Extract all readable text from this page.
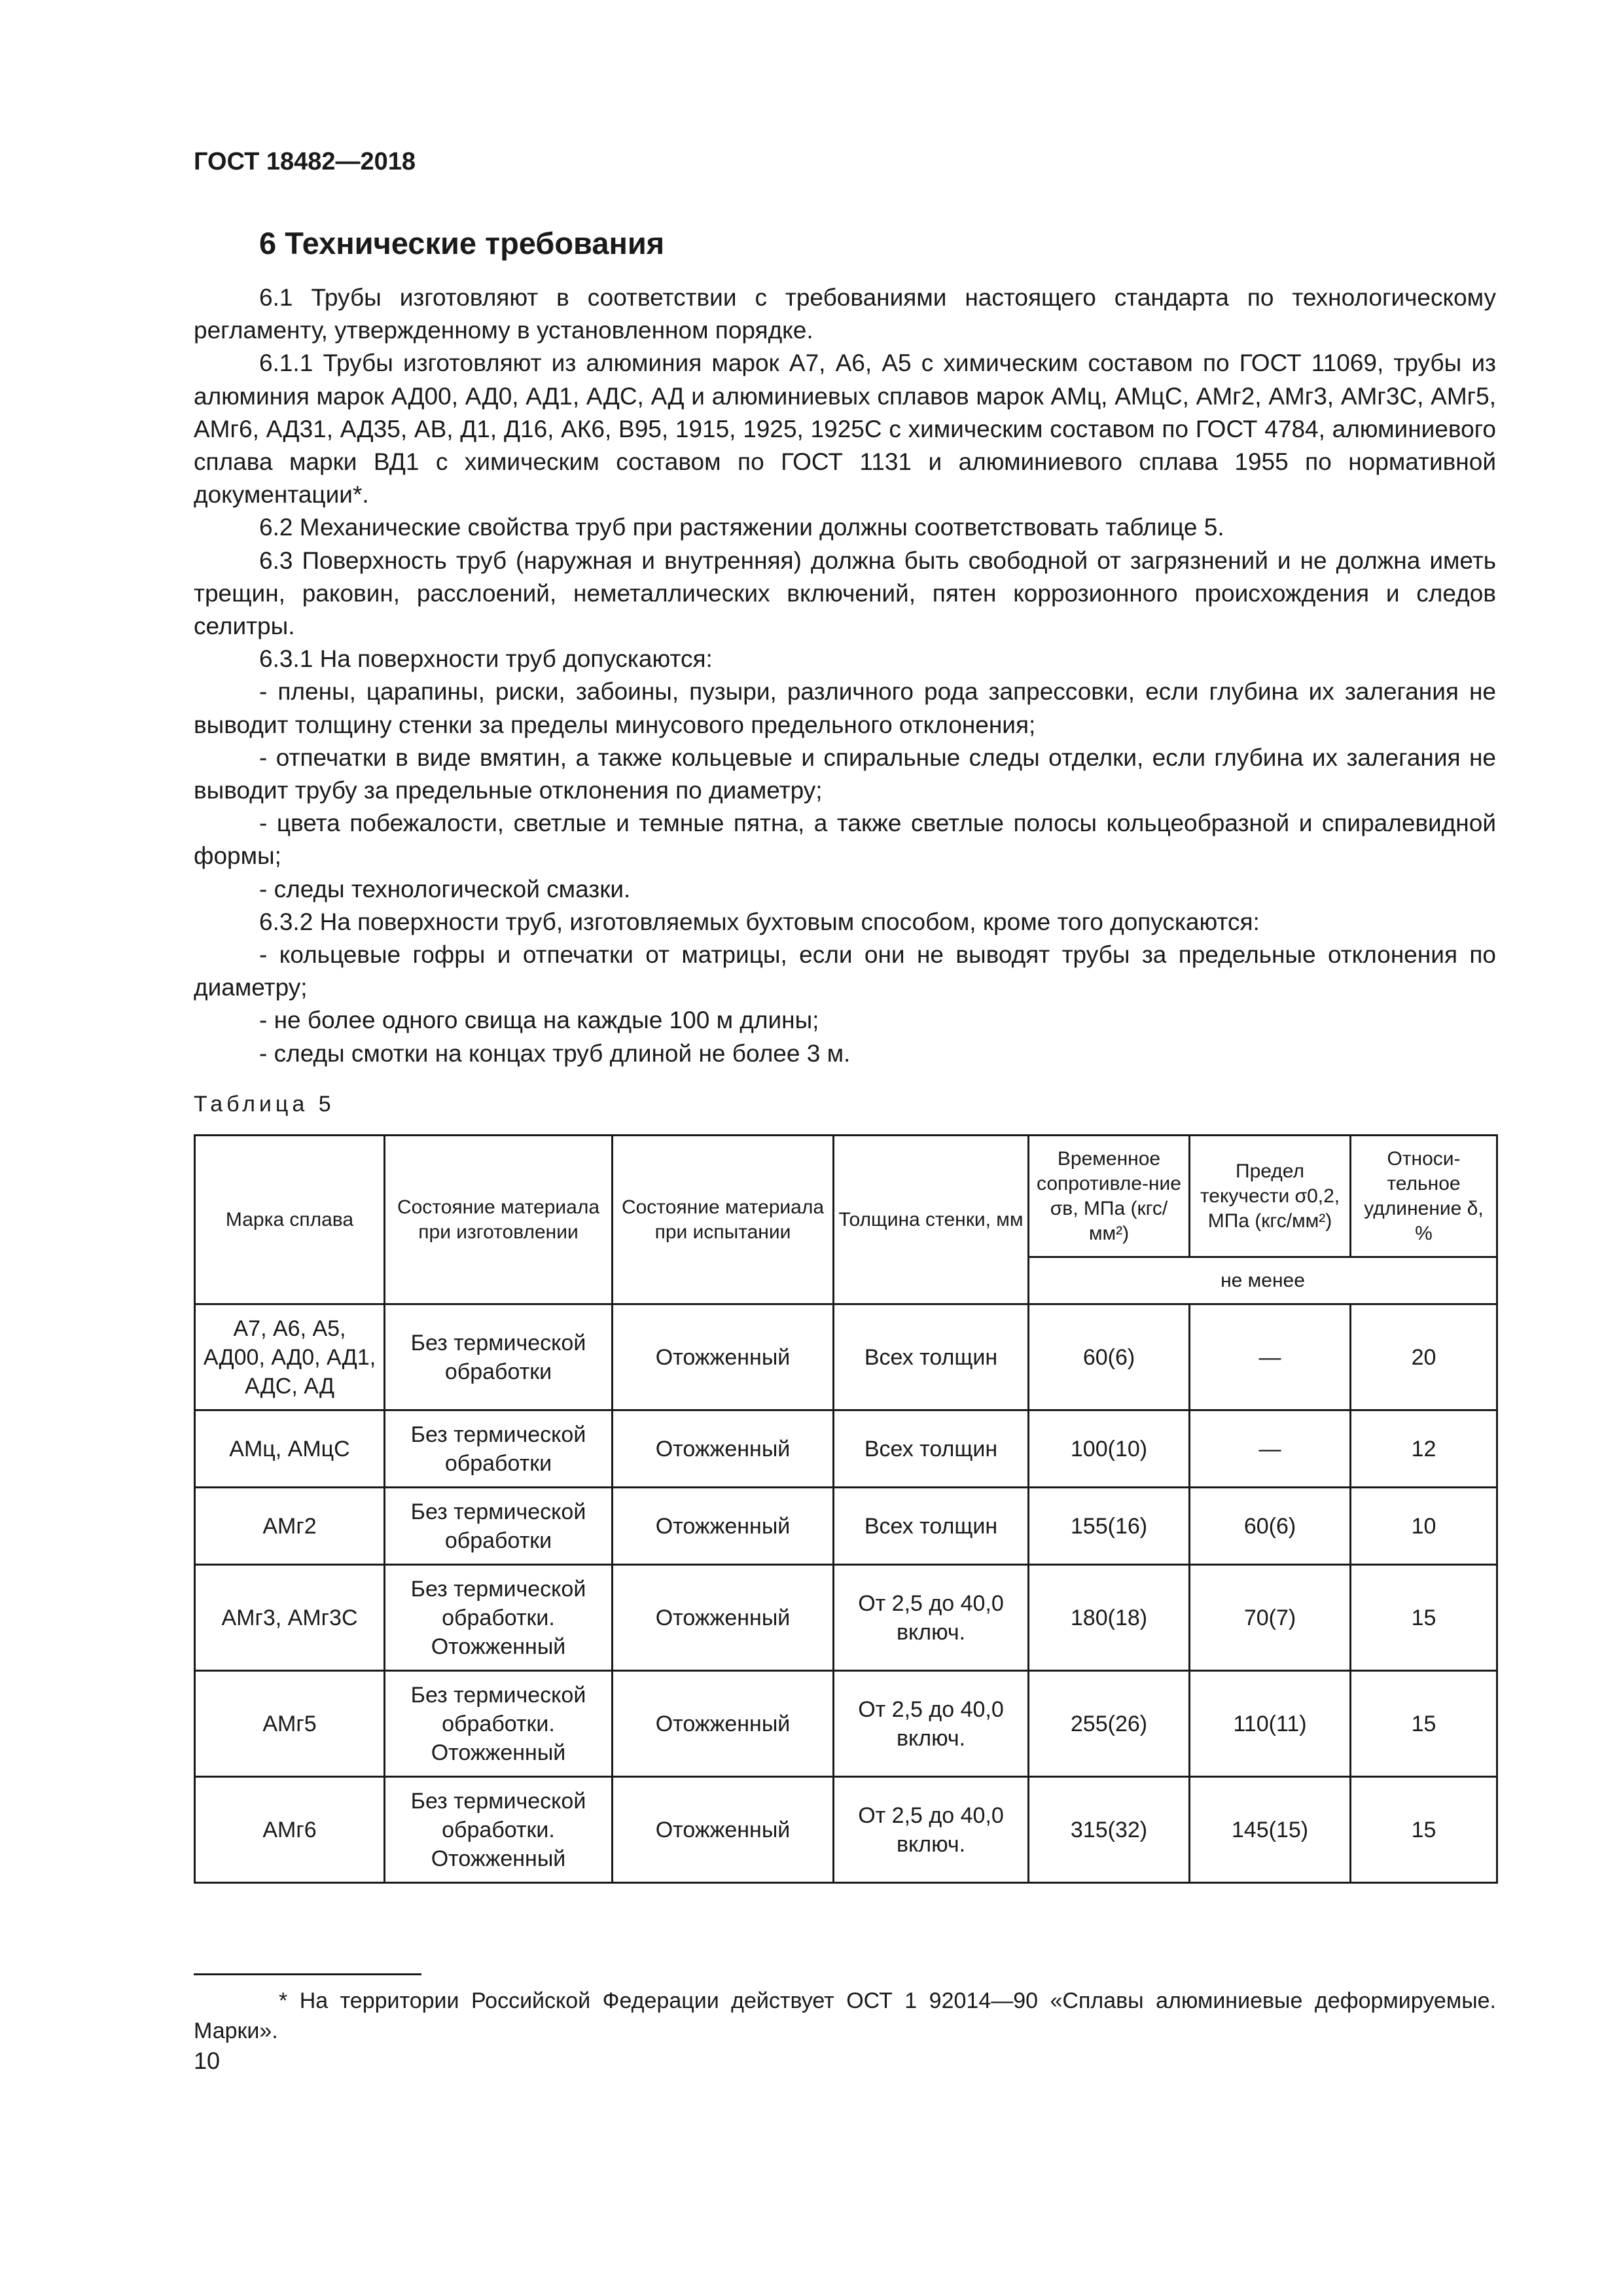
ГОСТ 18482—2018

6 Технические требования

6.1 Трубы изготовляют в соответствии с требованиями настоящего стандарта по технологическому регламенту, утвержденному в установленном порядке.

6.1.1 Трубы изготовляют из алюминия марок А7, А6, А5 с химическим составом по ГОСТ 11069, трубы из алюминия марок АД00, АД0, АД1, АДС, АД и алюминиевых сплавов марок АМц, АМцС, АМг2, АМг3, АМг3С, АМг5, АМг6, АД31, АД35, АВ, Д1, Д16, АК6, В95, 1915, 1925, 1925С с химическим составом по ГОСТ 4784, алюминиевого сплава марки ВД1 с химическим составом по ГОСТ 1131 и алюминиевого сплава 1955 по нормативной документации*.

6.2 Механические свойства труб при растяжении должны соответствовать таблице 5.

6.3 Поверхность труб (наружная и внутренняя) должна быть свободной от загрязнений и не должна иметь трещин, раковин, расслоений, неметаллических включений, пятен коррозионного происхождения и следов селитры.

6.3.1 На поверхности труб допускаются:

- плены, царапины, риски, забоины, пузыри, различного рода запрессовки, если глубина их залегания не выводит толщину стенки за пределы минусового предельного отклонения;

- отпечатки в виде вмятин, а также кольцевые и спиральные следы отделки, если глубина их залегания не выводит трубу за предельные отклонения по диаметру;

- цвета побежалости, светлые и темные пятна, а также светлые полосы кольцеобразной и спиралевидной формы;

- следы технологической смазки.

6.3.2 На поверхности труб, изготовляемых бухтовым способом, кроме того допускаются:

- кольцевые гофры и отпечатки от матрицы, если они не выводят трубы за предельные отклонения по диаметру;

- не более одного свища на каждые 100 м длины;

- следы смотки на концах труб длиной не более 3 м.

Таблица 5

Марка сплава	Состояние материала при изготовлении	Состояние материала при испытании	Толщина стенки, мм	Временное сопротивле-ние σв, МПа (кгс/мм²)	Предел текучести σ0,2, МПа (кгс/мм²)	Относи-тельное удлинение δ, %
				не менее		
А7, А6, А5, АД00, АД0, АД1, АДС, АД	Без термической обработки	Отожженный	Всех толщин	60(6)	—	20
АМц, АМцС	Без термической обработки	Отожженный	Всех толщин	100(10)	—	12
АМг2	Без термической обработки	Отожженный	Всех толщин	155(16)	60(6)	10
АМг3, АМг3С	Без термической обработки. Отожженный	Отожженный	От 2,5 до 40,0 включ.	180(18)	70(7)	15
АМг5	Без термической обработки. Отожженный	Отожженный	От 2,5 до 40,0 включ.	255(26)	110(11)	15
АМг6	Без термической обработки. Отожженный	Отожженный	От 2,5 до 40,0 включ.	315(32)	145(15)	15

* На территории Российской Федерации действует ОСТ 1 92014—90 «Сплавы алюминиевые деформируемые. Марки».

10
